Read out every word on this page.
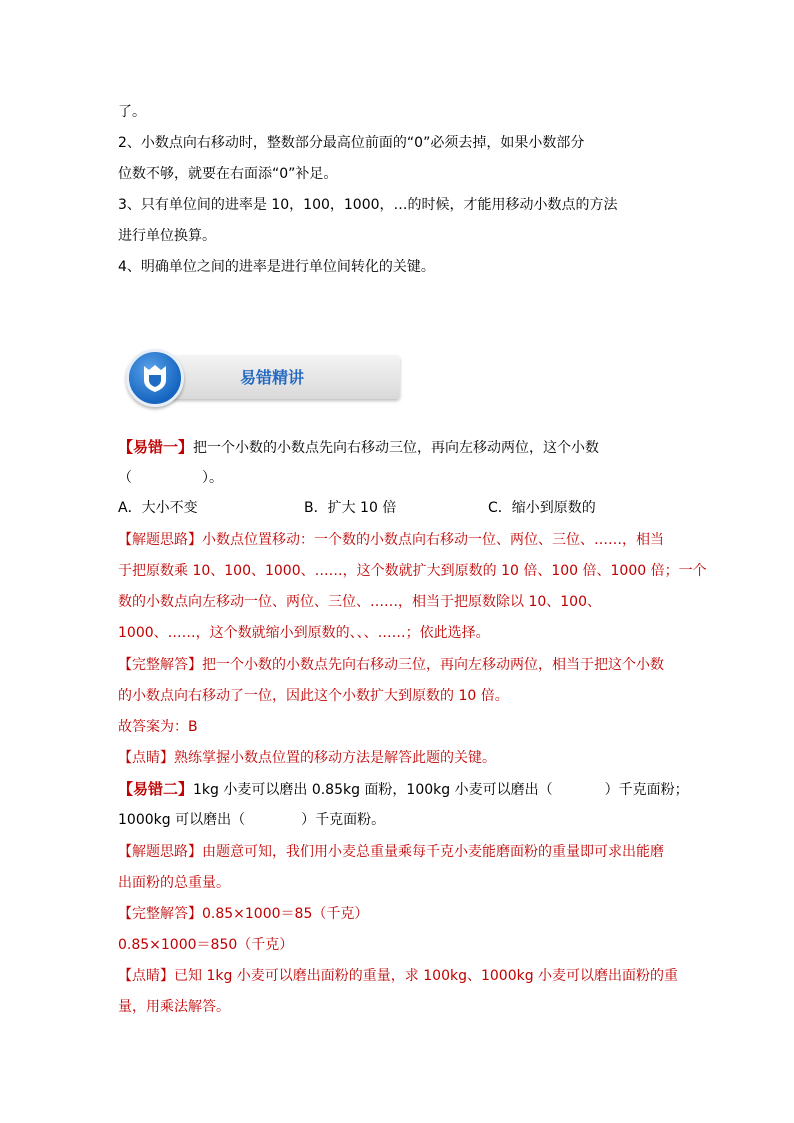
了。
2、小数点向右移动时，整数部分最高位前面的“0”必须去掉，如果小数部分
位数不够，就要在右面添“0”补足。
3、只有单位间的进率是 10，100，1000，…的时候，才能用移动小数点的方法
进行单位换算。
4、明确单位之间的进率是进行单位间转化的关键。
易错精讲
【易错一】把一个小数的小数点先向右移动三位，再向左移动两位，这个小数
（	）。
A．大小不变	B．扩大 10 倍	C．缩小到原数的
【解题思路】小数点位置移动：一个数的小数点向右移动一位、两位、三位、……，相当
于把原数乘 10、100、1000、……，这个数就扩大到原数的 10 倍、100 倍、1000 倍；一个
数的小数点向左移动一位、两位、三位、……，相当于把原数除以 10、100、
1000、……，这个数就缩小到原数的、、、……；依此选择。
【完整解答】把一个小数的小数点先向右移动三位，再向左移动两位，相当于把这个小数
的小数点向右移动了一位，因此这个小数扩大到原数的 10 倍。
故答案为：B
【点睛】熟练掌握小数点位置的移动方法是解答此题的关键。
【易错二】1kg 小麦可以磨出 0.85kg 面粉，100kg 小麦可以磨出（	）千克面粉；
1000kg 可以磨出（	）千克面粉。
【解题思路】由题意可知，我们用小麦总重量乘每千克小麦能磨面粉的重量即可求出能磨
出面粉的总重量。
【完整解答】0.85×1000＝85（千克）
0.85×1000＝850（千克）
【点睛】已知 1kg 小麦可以磨出面粉的重量，求 100kg、1000kg 小麦可以磨出面粉的重
量，用乘法解答。
